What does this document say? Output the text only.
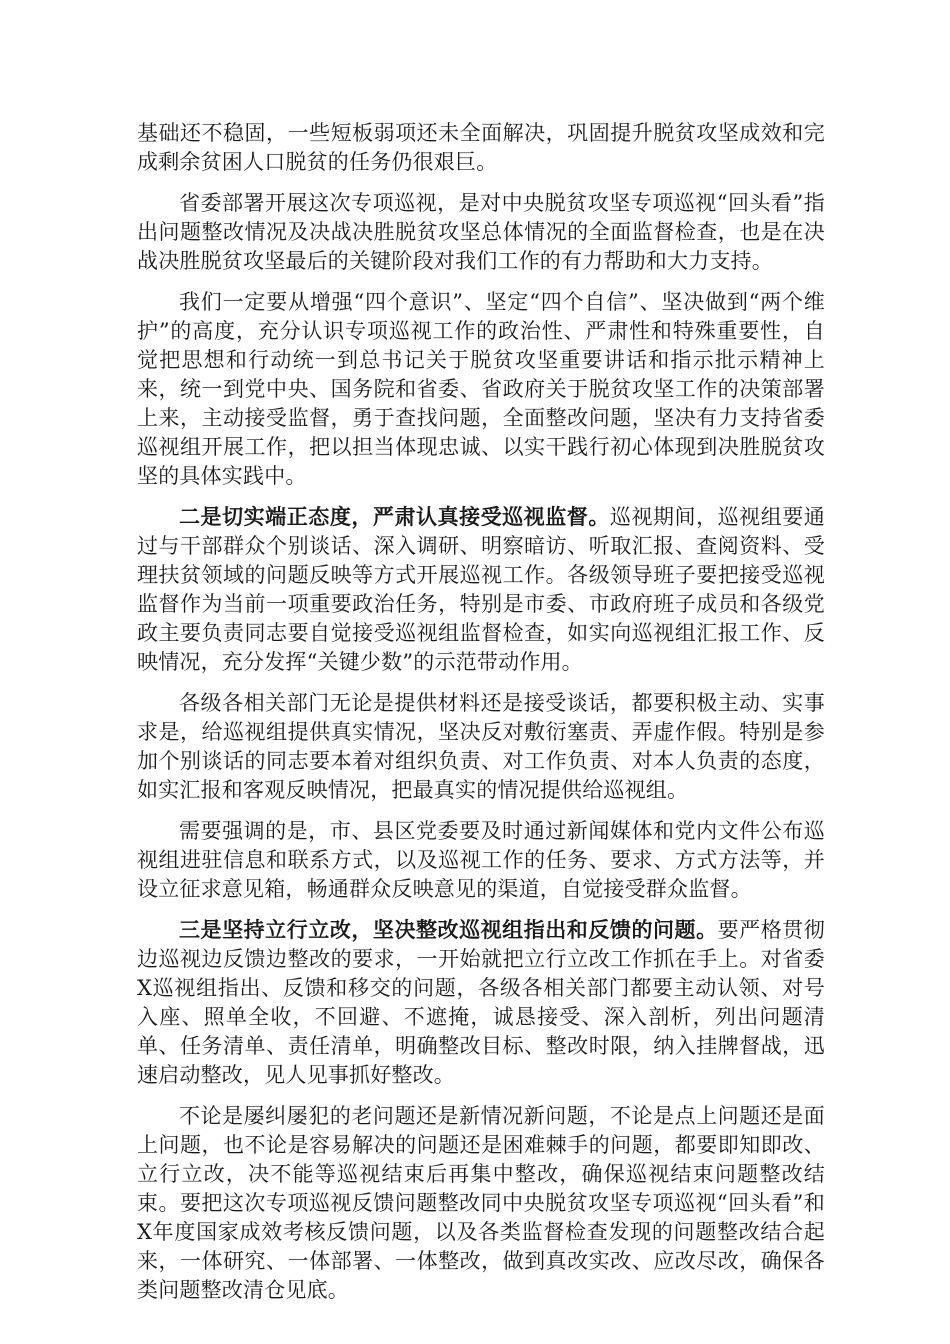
基础还不稳固，一些短板弱项还未全面解决，巩固提升脱贫攻坚成效和完成剩余贫困人口脱贫的任务仍很艰巨。

省委部署开展这次专项巡视，是对中央脱贫攻坚专项巡视“回头看”指出问题整改情况及决战决胜脱贫攻坚总体情况的全面监督检查，也是在决战决胜脱贫攻坚最后的关键阶段对我们工作的有力帮助和大力支持。

我们一定要从增强“四个意识”、坚定“四个自信”、坚决做到“两个维护”的高度，充分认识专项巡视工作的政治性、严肃性和特殊重要性，自觉把思想和行动统一到总书记关于脱贫攻坚重要讲话和指示批示精神上来，统一到党中央、国务院和省委、省政府关于脱贫攻坚工作的决策部署上来，主动接受监督，勇于查找问题，全面整改问题，坚决有力支持省委巡视组开展工作，把以担当体现忠诚、以实干践行初心体现到决胜脱贫攻坚的具体实践中。

二是切实端正态度，严肃认真接受巡视监督。巡视期间，巡视组要通过与干部群众个别谈话、深入调研、明察暗访、听取汇报、查阅资料、受理扶贫领域的问题反映等方式开展巡视工作。各级领导班子要把接受巡视监督作为当前一项重要政治任务，特别是市委、市政府班子成员和各级党政主要负责同志要自觉接受巡视组监督检查，如实向巡视组汇报工作、反映情况，充分发挥“关键少数”的示范带动作用。

各级各相关部门无论是提供材料还是接受谈话，都要积极主动、实事求是，给巡视组提供真实情况，坚决反对敷衍塞责、弄虚作假。特别是参加个别谈话的同志要本着对组织负责、对工作负责、对本人负责的态度，如实汇报和客观反映情况，把最真实的情况提供给巡视组。

需要强调的是，市、县区党委要及时通过新闻媒体和党内文件公布巡视组进驻信息和联系方式，以及巡视工作的任务、要求、方式方法等，并设立征求意见箱，畅通群众反映意见的渠道，自觉接受群众监督。

三是坚持立行立改，坚决整改巡视组指出和反馈的问题。要严格贯彻边巡视边反馈边整改的要求，一开始就把立行立改工作抓在手上。对省委X巡视组指出、反馈和移交的问题，各级各相关部门都要主动认领、对号入座、照单全收，不回避、不遮掩，诚恳接受、深入剖析，列出问题清单、任务清单、责任清单，明确整改目标、整改时限，纳入挂牌督战，迅速启动整改，见人见事抓好整改。

不论是屡纠屡犯的老问题还是新情况新问题，不论是点上问题还是面上问题，也不论是容易解决的问题还是困难棘手的问题，都要即知即改、立行立改，决不能等巡视结束后再集中整改，确保巡视结束问题整改结束。要把这次专项巡视反馈问题整改同中央脱贫攻坚专项巡视“回头看”和X年度国家成效考核反馈问题，以及各类监督检查发现的问题整改结合起来，一体研究、一体部署、一体整改，做到真改实改、应改尽改，确保各类问题整改清仓见底。
